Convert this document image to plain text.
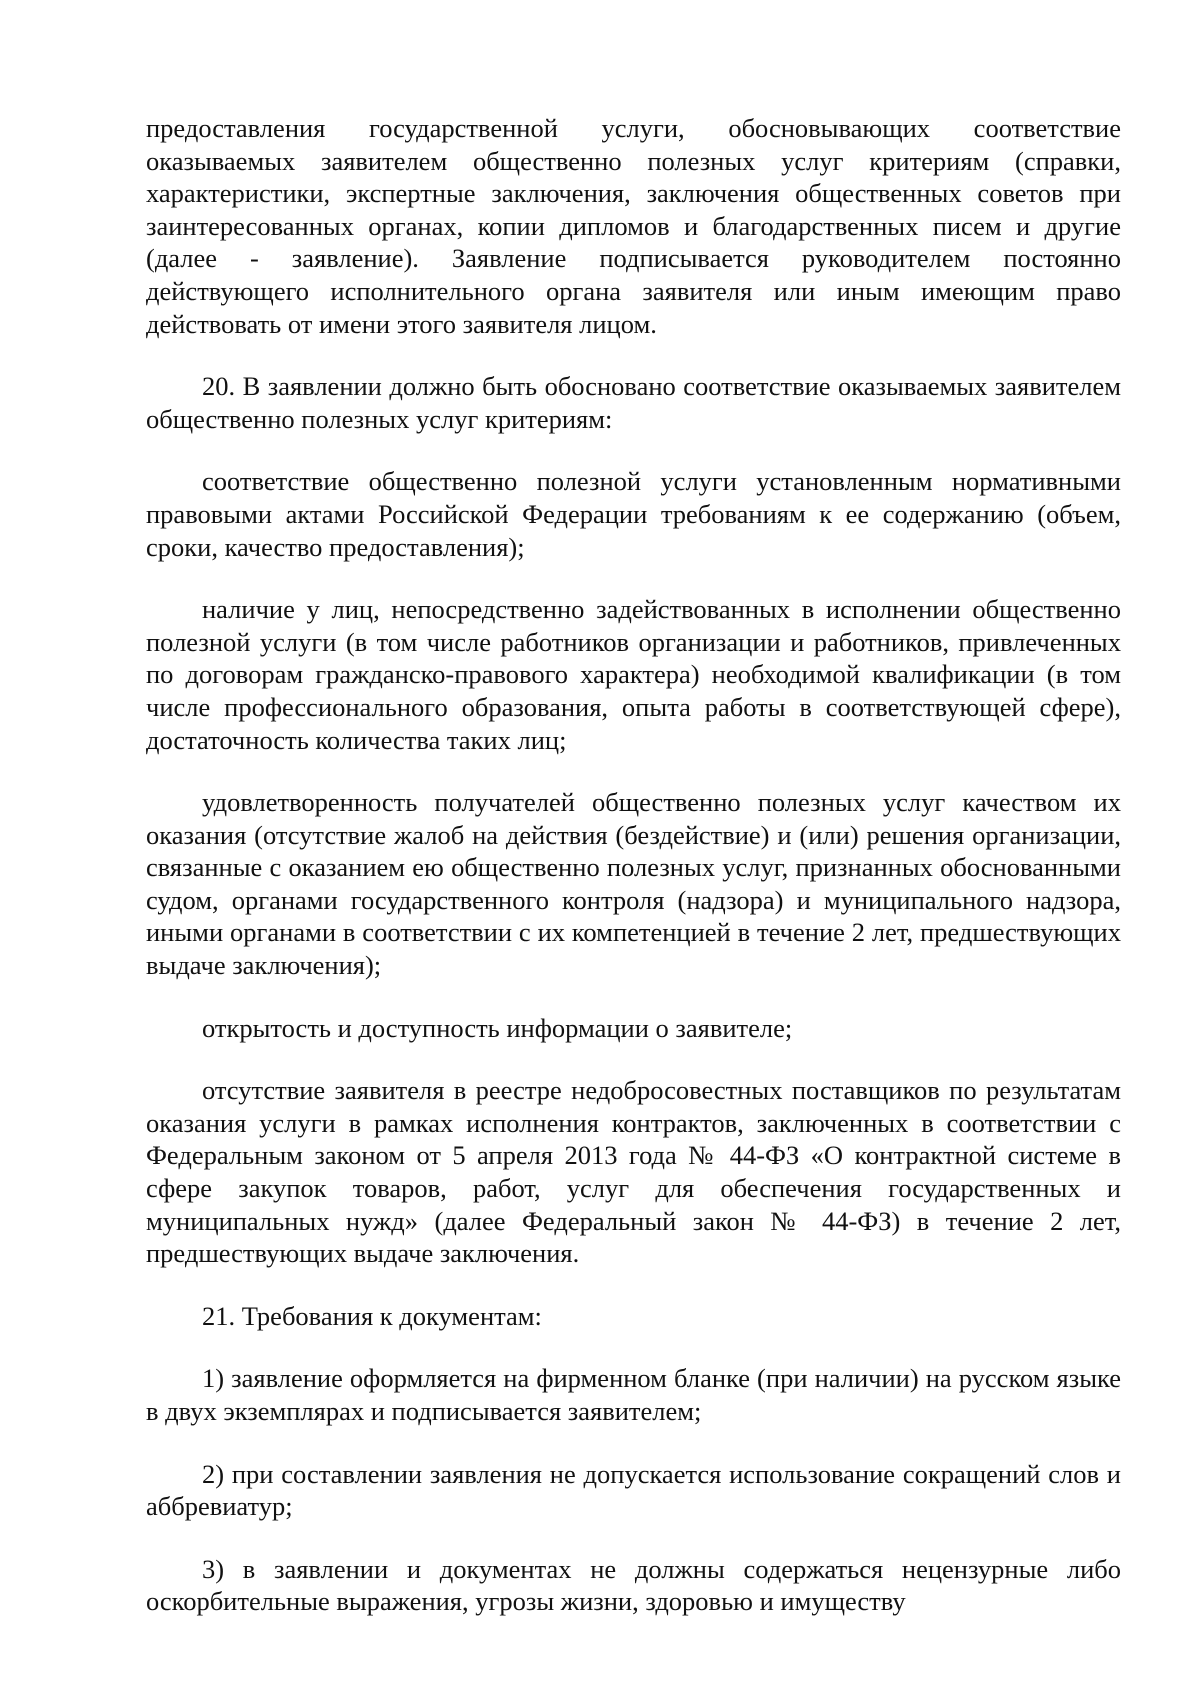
предоставления государственной услуги, обосновывающих соответствие оказываемых заявителем общественно полезных услуг критериям (справки, характеристики, экспертные заключения, заключения общественных советов при заинтересованных органах, копии дипломов и благодарственных писем и другие (далее - заявление). Заявление подписывается руководителем постоянно действующего исполнительного органа заявителя или иным имеющим право действовать от имени этого заявителя лицом.

20. В заявлении должно быть обосновано соответствие оказываемых заявителем общественно полезных услуг критериям:

соответствие общественно полезной услуги установленным нормативными правовыми актами Российской Федерации требованиям к ее содержанию (объем, сроки, качество предоставления);

наличие у лиц, непосредственно задействованных в исполнении общественно полезной услуги (в том числе работников организации и работников, привлеченных по договорам гражданско-правового характера) необходимой квалификации (в том числе профессионального образования, опыта работы в соответствующей сфере), достаточность количества таких лиц;

удовлетворенность получателей общественно полезных услуг качеством их оказания (отсутствие жалоб на действия (бездействие) и (или) решения организации, связанные с оказанием ею общественно полезных услуг, признанных обоснованными судом, органами государственного контроля (надзора) и муниципального надзора, иными органами в соответствии с их компетенцией в течение 2 лет, предшествующих выдаче заключения);

открытость и доступность информации о заявителе;

отсутствие заявителя в реестре недобросовестных поставщиков по результатам оказания услуги в рамках исполнения контрактов, заключенных в соответствии с Федеральным законом от 5 апреля 2013 года № 44-ФЗ «О контрактной системе в сфере закупок товаров, работ, услуг для обеспечения государственных и муниципальных нужд» (далее Федеральный закон № 44-ФЗ) в течение 2 лет, предшествующих выдаче заключения.

21. Требования к документам:

1) заявление оформляется на фирменном бланке (при наличии) на русском языке в двух экземплярах и подписывается заявителем;

2) при составлении заявления не допускается использование сокращений слов и аббревиатур;

3) в заявлении и документах не должны содержаться нецензурные либо оскорбительные выражения, угрозы жизни, здоровью и имуществу
